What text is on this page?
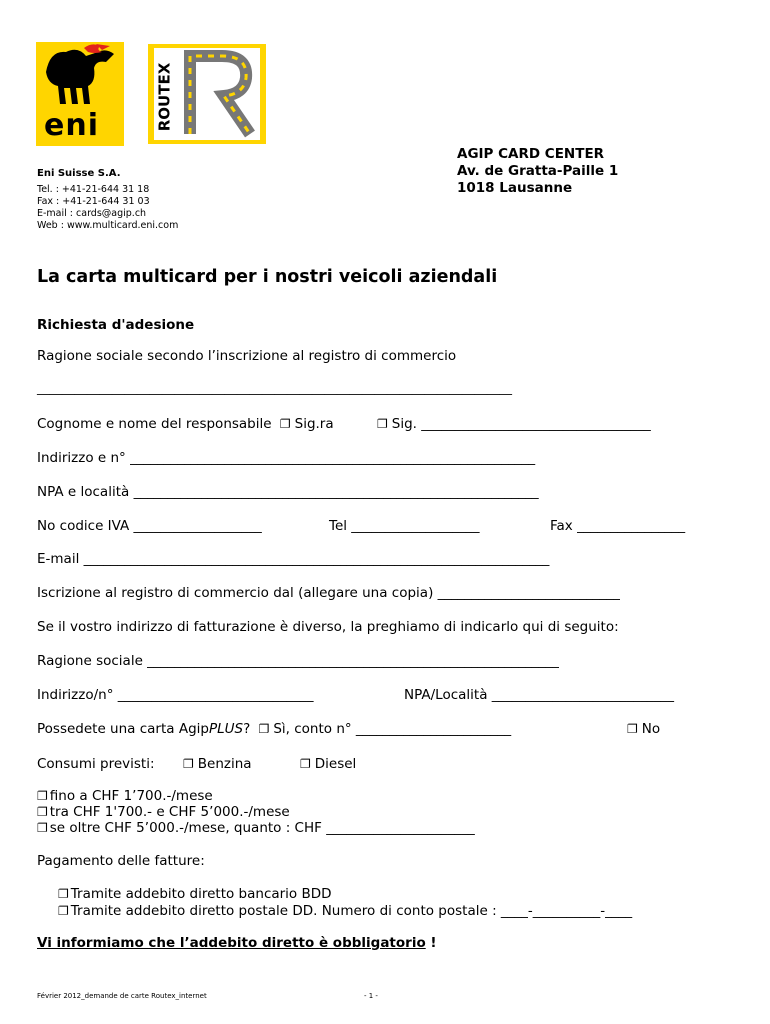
eni	ROUTEX
Eni Suisse S.A.
Tel. : +41-21-644 31 18
Fax : +41-21-644 31 03
E-mail : cards@agip.ch
Web : www.multicard.eni.com
AGIP CARD CENTER
Av. de Gratta-Paille 1
1018 Lausanne
La carta multicard per i nostri veicoli aziendali
Richiesta d'adesione
Ragione sociale secondo l’inscrizione al registro di commercio
____________________________________________________________________________
Cognome e nome del responsabile ❐ Sig.ra	❐ Sig. __________________________________
Indirizzo e n° ____________________________________________________________
NPA e località ____________________________________________________________
No codice IVA ___________________	Tel ___________________	Fax ________________
E-mail _____________________________________________________________________
Iscrizione al registro di commercio dal (allegare una copia) ___________________________
Se il vostro indirizzo di fatturazione è diverso, la preghiamo di indicarlo qui di seguito:
Ragione sociale _____________________________________________________________
Indirizzo/n° _____________________________	NPA/Località ___________________________
Possedete una carta AgipPLUS? ❐ Sì, conto n° _______________________	❐ No
Consumi previsti: ❐ Benzina	❐ Diesel
❐ fino a CHF 1’700.-/mese
❐ tra CHF 1'700.- e CHF 5’000.-/mese
❐ se oltre CHF 5’000.-/mese, quanto : CHF ______________________
Pagamento delle fatture:
❐ Tramite addebito diretto bancario BDD
❐ Tramite addebito diretto postale DD. Numero di conto postale : ____-__________-____
Vi informiamo che l’addebito diretto è obbligatorio !
Février 2012_demande de carte Routex_internet	- 1 -
